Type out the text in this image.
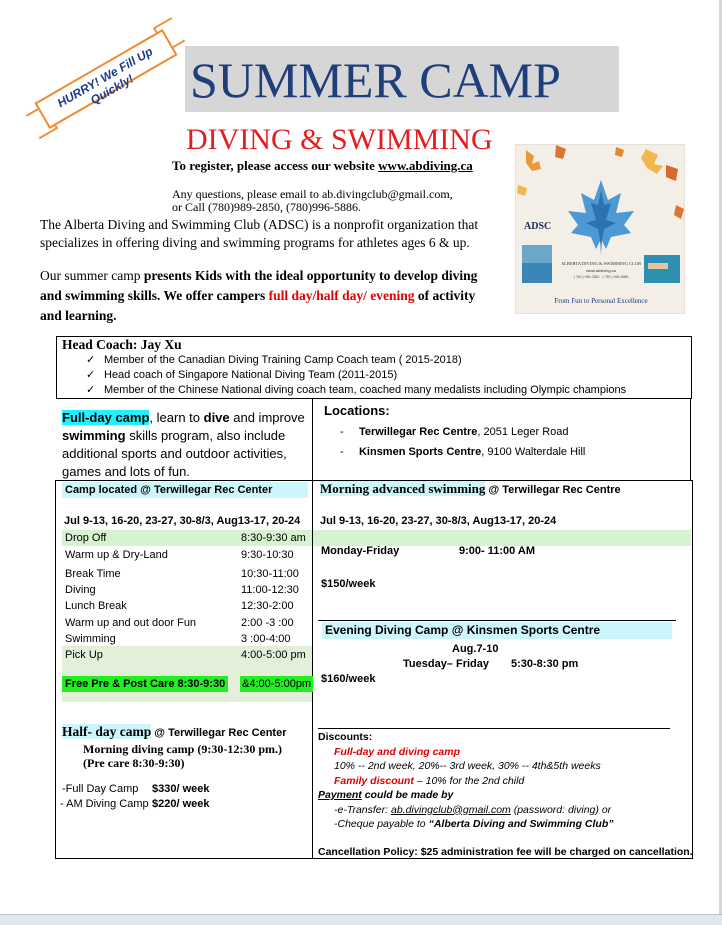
HURRY! We Fill Up Quickly!	SUMMER CAMP
DIVING & SWIMMING
To register, please access our website www.abdiving.ca
Any questions, please email to ab.divingclub@gmail.com,
or Call (780)989-2850, (780)996-5886.
The Alberta Diving and Swimming Club (ADSC) is a nonprofit organization that
specializes in offering diving and swimming programs for athletes ages 6 & up.
Our summer camp presents Kids with the ideal opportunity to develop diving
and swimming skills. We offer campers full day/half day/ evening of activity
and learning.
ADSC
ALBERTA DIVING & SWIMMING CLUB
www.abdiving.ca
( 780 ) 989-2850 · ( 780 ) 996-5886
From Fun to Personal Excellence
Head Coach: Jay Xu
✓ Member of the Canadian Diving Training Camp Coach team ( 2015-2018)
✓ Head coach of Singapore National Diving Team (2011-2015)
✓ Member of the Chinese National diving coach team, coached many medalists including Olympic champions
Full-day camp, learn to dive and improve swimming skills program, also include additional sports and outdoor activities, games and lots of fun.
Locations:
-     Terwillegar Rec Centre, 2051 Leger Road
-     Kinsmen Sports Centre, 9100 Walterdale Hill
Camp located @ Terwillegar Rec Center
Jul 9-13, 16-20, 23-27, 30-8/3, Aug13-17, 20-24
Drop Off	8:30-9:30 am
Warm up & Dry-Land	9:30-10:30
Break Time	10:30-11:00
Diving	11:00-12:30
Lunch Break	12:30-2:00
Warm up and out door Fun	2:00 -3 :00
Swimming	3 :00-4:00
Pick Up	4:00-5:00 pm
Free Pre & Post Care 8:30-9:30 &4:00-5:00pm
Half- day camp @ Terwillegar Rec Center
Morning diving camp (9:30-12:30 pm.)
(Pre care 8:30-9:30)
-Full Day Camp $330/ week
- AM Diving Camp $220/ week
Morning advanced swimming @ Terwillegar Rec Centre
Jul 9-13, 16-20, 23-27, 30-8/3, Aug13-17, 20-24
Monday-Friday	9:00- 11:00 AM
$150/week
Evening Diving Camp @ Kinsmen Sports Centre
Aug.7-10
Tuesday– Friday 5:30-8:30 pm
$160/week
Discounts:
Full-day and diving camp
10% -- 2nd week, 20%-- 3rd week, 30% -- 4th&5th weeks
Family discount – 10% for the 2nd child
Payment could be made by
-e-Transfer: ab.divingclub@gmail.com (password: diving) or
-Cheque payable to “Alberta Diving and Swimming Club”
Cancellation Policy: $25 administration fee will be charged on cancellation.
